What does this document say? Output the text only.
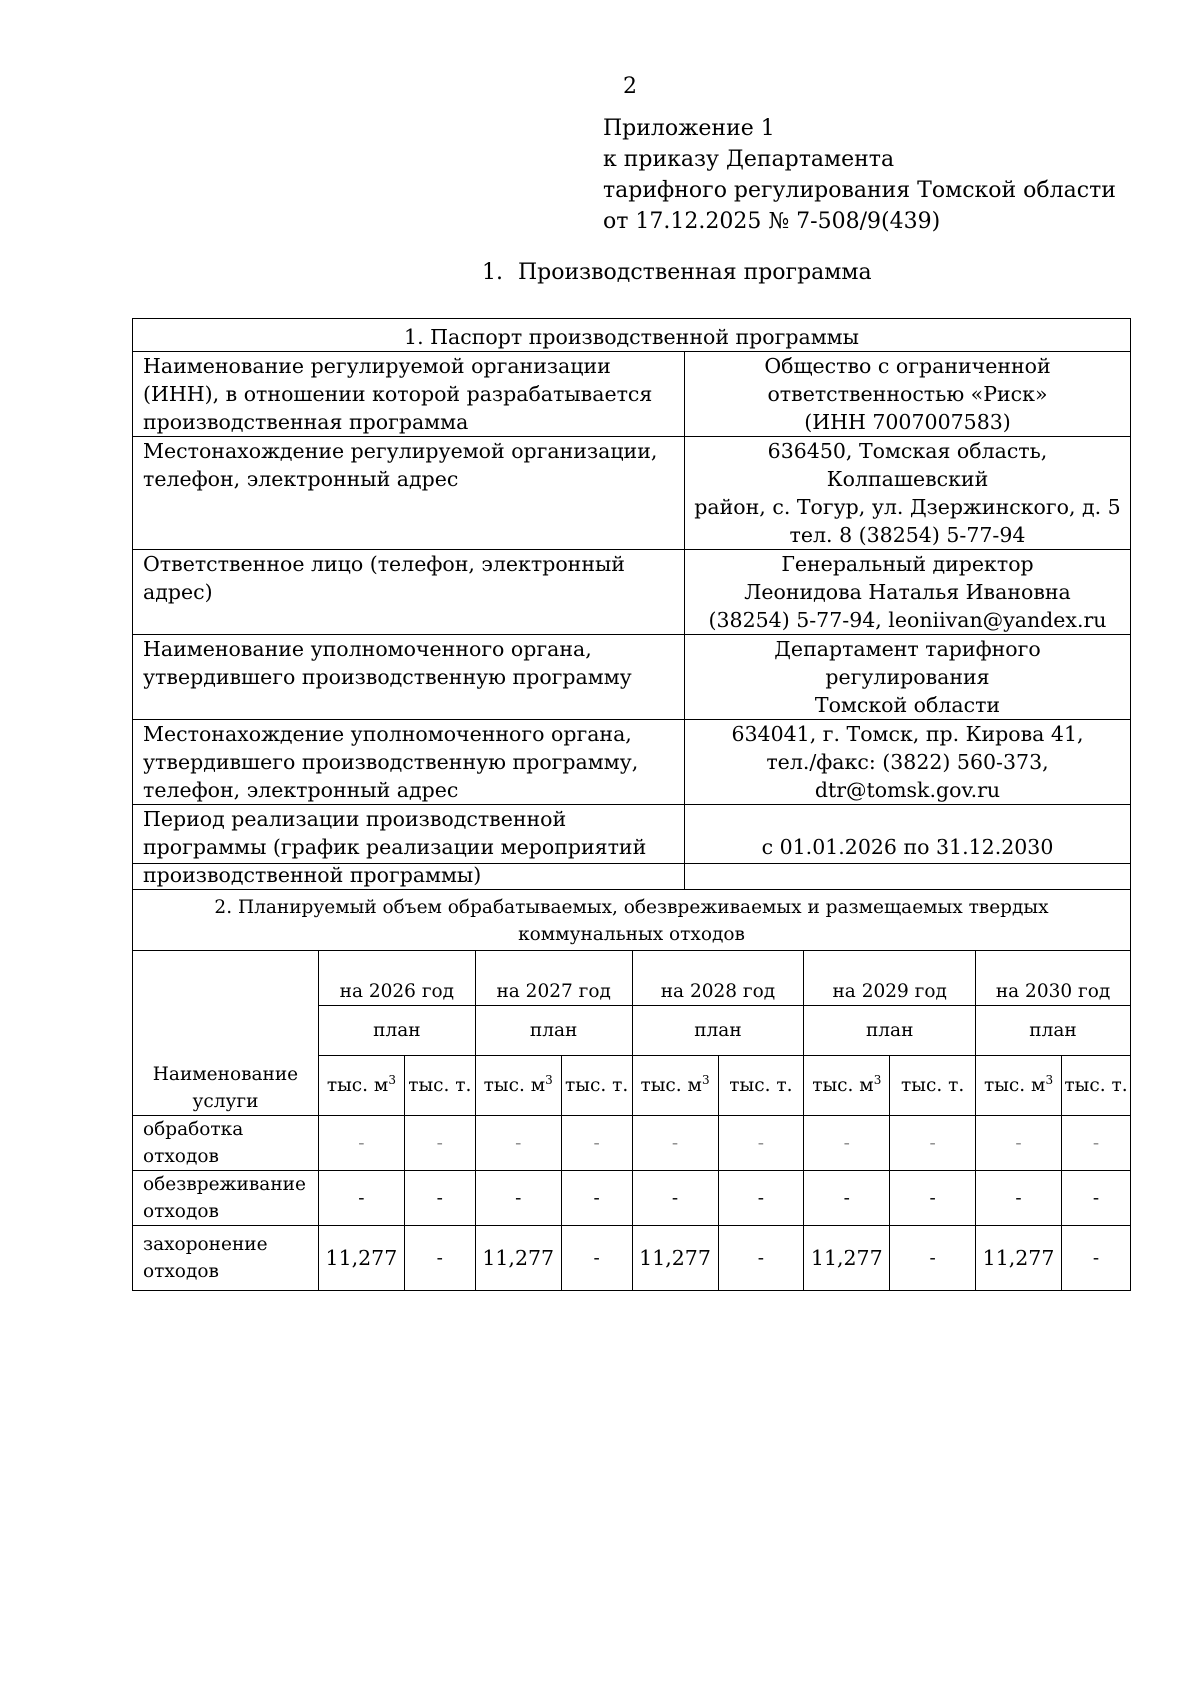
2
Приложение 1
к приказу Департамента
тарифного регулирования Томской области
от 17.12.2025 № 7-508/9(439)
1. Производственная программа
1. Паспорт производственной программы	
Наименование регулируемой организации (ИНН), в отношении которой разрабатывается производственная программа	Общество с ограниченной
ответственностью «Риск»
(ИНН 7007007583)

Местонахождение регулируемой организации, телефон, электронный адрес	636450, Томская область, Колпашевский
район, с. Тогур, ул. Дзержинского, д. 5
тел. 8 (38254) 5-77-94

Ответственное лицо (телефон, электронный адрес)	Генеральный директор
Леонидова Наталья Ивановна
(38254) 5-77-94, leoniivan@yandex.ru

Наименование уполномоченного органа, утвердившего производственную программу	Департамент тарифного регулирования
Томской области

Местонахождение уполномоченного органа, утвердившего производственную программу, телефон, электронный адрес	634041, г. Томск, пр. Кирова 41,
тел./факс: (3822) 560-373,
dtr@tomsk.gov.ru

Период реализации производственной программы (график реализации мероприятий производственной программы)	с 01.01.2026 по 31.12.2030
2. Планируемый объем обрабатываемых, обезвреживаемых и размещаемых твердых коммунальных отходов										
Наименование услуги	на 2026 год		на 2027 год		на 2028 год		на 2029 год		на 2030 год	
	план		план		план		план		план	
	тыс. $м^3$	тыс. т.	тыс. $м^3$	тыс. т.	тыс. $м^3$	тыс. т.	тыс. $м^3$	тыс. т.	тыс. $м^3$	тыс. т.
обработка отходов	-	-	-	-	-	-	-	-	-	-
обезвреживание отходов	-	-	-	-	-	-	-	-	-	-
захоронение отходов	11,277	-	11,277	-	11,277	-	11,277	-	11,277	-
